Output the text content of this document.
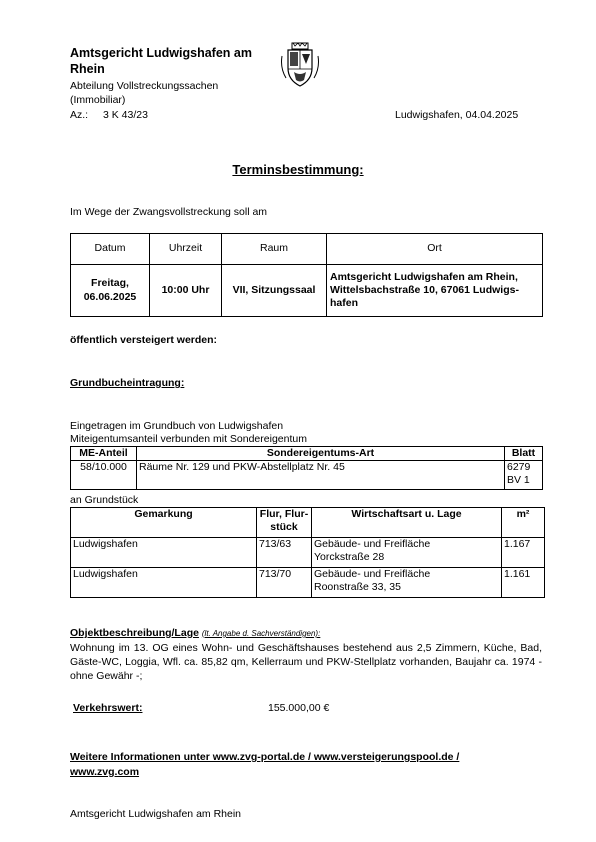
Amtsgericht Ludwigshafen am Rhein
Abteilung Vollstreckungssachen
(Immobiliar)
Az.: 3 K 43/23	Ludwigshafen, 04.04.2025
Terminsbestimmung:
Im Wege der Zwangsvollstreckung soll am
Datum	Uhrzeit	Raum	Ort
Freitag, 06.06.2025	10:00 Uhr	VII, Sitzungssaal	Amtsgericht Ludwigshafen am Rhein, Wittelsbachstraße 10, 67061 Ludwigs-hafen
öffentlich versteigert werden:
Grundbucheintragung:
Eingetragen im Grundbuch von Ludwigshafen
Miteigentumsanteil verbunden mit Sondereigentum
ME-Anteil	Sondereigentums-Art	Blatt
58/10.000	Räume Nr. 129 und PKW-Abstellplatz Nr. 45	6279
BV 1
an Grundstück
Gemarkung	Flur, Flur-stück	Wirtschaftsart u. Lage	m²
Ludwigshafen	713/63	Gebäude- und Freifläche
Yorckstraße 28	1.167
Ludwigshafen	713/70	Gebäude- und Freifläche
Roonstraße 33, 35	1.161
Objektbeschreibung/Lage (lt. Angabe d. Sachverständigen):
Wohnung im 13. OG eines Wohn- und Geschäftshauses bestehend aus 2,5 Zimmern, Küche, Bad, Gäste-WC, Loggia, Wfl. ca. 85,82 qm, Kellerraum und PKW-Stellplatz vorhanden, Baujahr ca. 1974 - ohne Gewähr -;
Verkehrswert:	155.000,00 €
Weitere Informationen unter www.zvg-portal.de / www.versteigerungspool.de / www.zvg.com
Amtsgericht Ludwigshafen am Rhein
